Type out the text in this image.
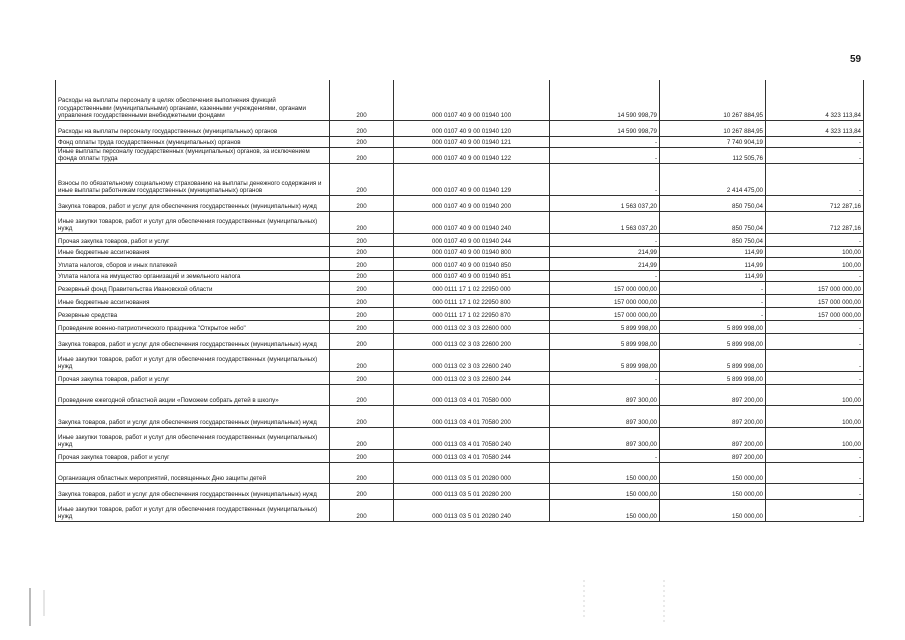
59
Расходы на выплаты персоналу в целях обеспечения выполнения функций государственными (муниципальными) органами, казенными учреждениями, органами управления государственными внебюджетными фондами	200	000 0107 40 9 00 01940 100	14 590 998,79	10 267 884,95	4 323 113,84
Расходы на выплаты персоналу государственных (муниципальных) органов	200	000 0107 40 9 00 01940 120	14 590 998,79	10 267 884,95	4 323 113,84
Фонд оплаты труда государственных (муниципальных) органов	200	000 0107 40 9 00 01940 121	-	7 740 904,19	-
Иные выплаты персоналу государственных (муниципальных) органов, за исключением фонда оплаты труда	200	000 0107 40 9 00 01940 122	-	112 505,76	-
Взносы по обязательному социальному страхованию на выплаты денежного содержания и иные выплаты работникам государственных (муниципальных) органов	200	000 0107 40 9 00 01940 129	-	2 414 475,00	-
Закупка товаров, работ и услуг для обеспечения государственных (муниципальных) нужд	200	000 0107 40 9 00 01940 200	1 563 037,20	850 750,04	712 287,16
Иные закупки товаров, работ и услуг для обеспечения государственных (муниципальных) нужд	200	000 0107 40 9 00 01940 240	1 563 037,20	850 750,04	712 287,16
Прочая закупка товаров, работ и услуг	200	000 0107 40 9 00 01940 244	-	850 750,04	-
Иные бюджетные ассигнования	200	000 0107 40 9 00 01940 800	214,99	114,99	100,00
Уплата налогов, сборов и иных платежей	200	000 0107 40 9 00 01940 850	214,99	114,99	100,00
Уплата налога на имущество организаций и земельного налога	200	000 0107 40 9 00 01940 851	-	114,99	-
Резервный фонд Правительства Ивановской области	200	000 0111 17 1 02 22950 000	157 000 000,00	-	157 000 000,00
Иные бюджетные ассигнования	200	000 0111 17 1 02 22950 800	157 000 000,00	-	157 000 000,00
Резервные средства	200	000 0111 17 1 02 22950 870	157 000 000,00	-	157 000 000,00
Проведение военно-патриотического праздника "Открытое небо"	200	000 0113 02 3 03 22600 000	5 899 998,00	5 899 998,00	-
Закупка товаров, работ и услуг для обеспечения государственных (муниципальных) нужд	200	000 0113 02 3 03 22600 200	5 899 998,00	5 899 998,00	-
Иные закупки товаров, работ и услуг для обеспечения государственных (муниципальных) нужд	200	000 0113 02 3 03 22600 240	5 899 998,00	5 899 998,00	-
Прочая закупка товаров, работ и услуг	200	000 0113 02 3 03 22600 244	-	5 899 998,00	-
Проведение ежегодной областной акции «Поможем собрать детей в школу»	200	000 0113 03 4 01 70580 000	897 300,00	897 200,00	100,00
Закупка товаров, работ и услуг для обеспечения государственных (муниципальных) нужд	200	000 0113 03 4 01 70580 200	897 300,00	897 200,00	100,00
Иные закупки товаров, работ и услуг для обеспечения государственных (муниципальных) нужд	200	000 0113 03 4 01 70580 240	897 300,00	897 200,00	100,00
Прочая закупка товаров, работ и услуг	200	000 0113 03 4 01 70580 244	-	897 200,00	-
Организация областных мероприятий, посвященных Дню защиты детей	200	000 0113 03 5 01 20280 000	150 000,00	150 000,00	-
Закупка товаров, работ и услуг для обеспечения государственных (муниципальных) нужд	200	000 0113 03 5 01 20280 200	150 000,00	150 000,00	-
Иные закупки товаров, работ и услуг для обеспечения государственных (муниципальных) нужд	200	000 0113 03 5 01 20280 240	150 000,00	150 000,00	-
